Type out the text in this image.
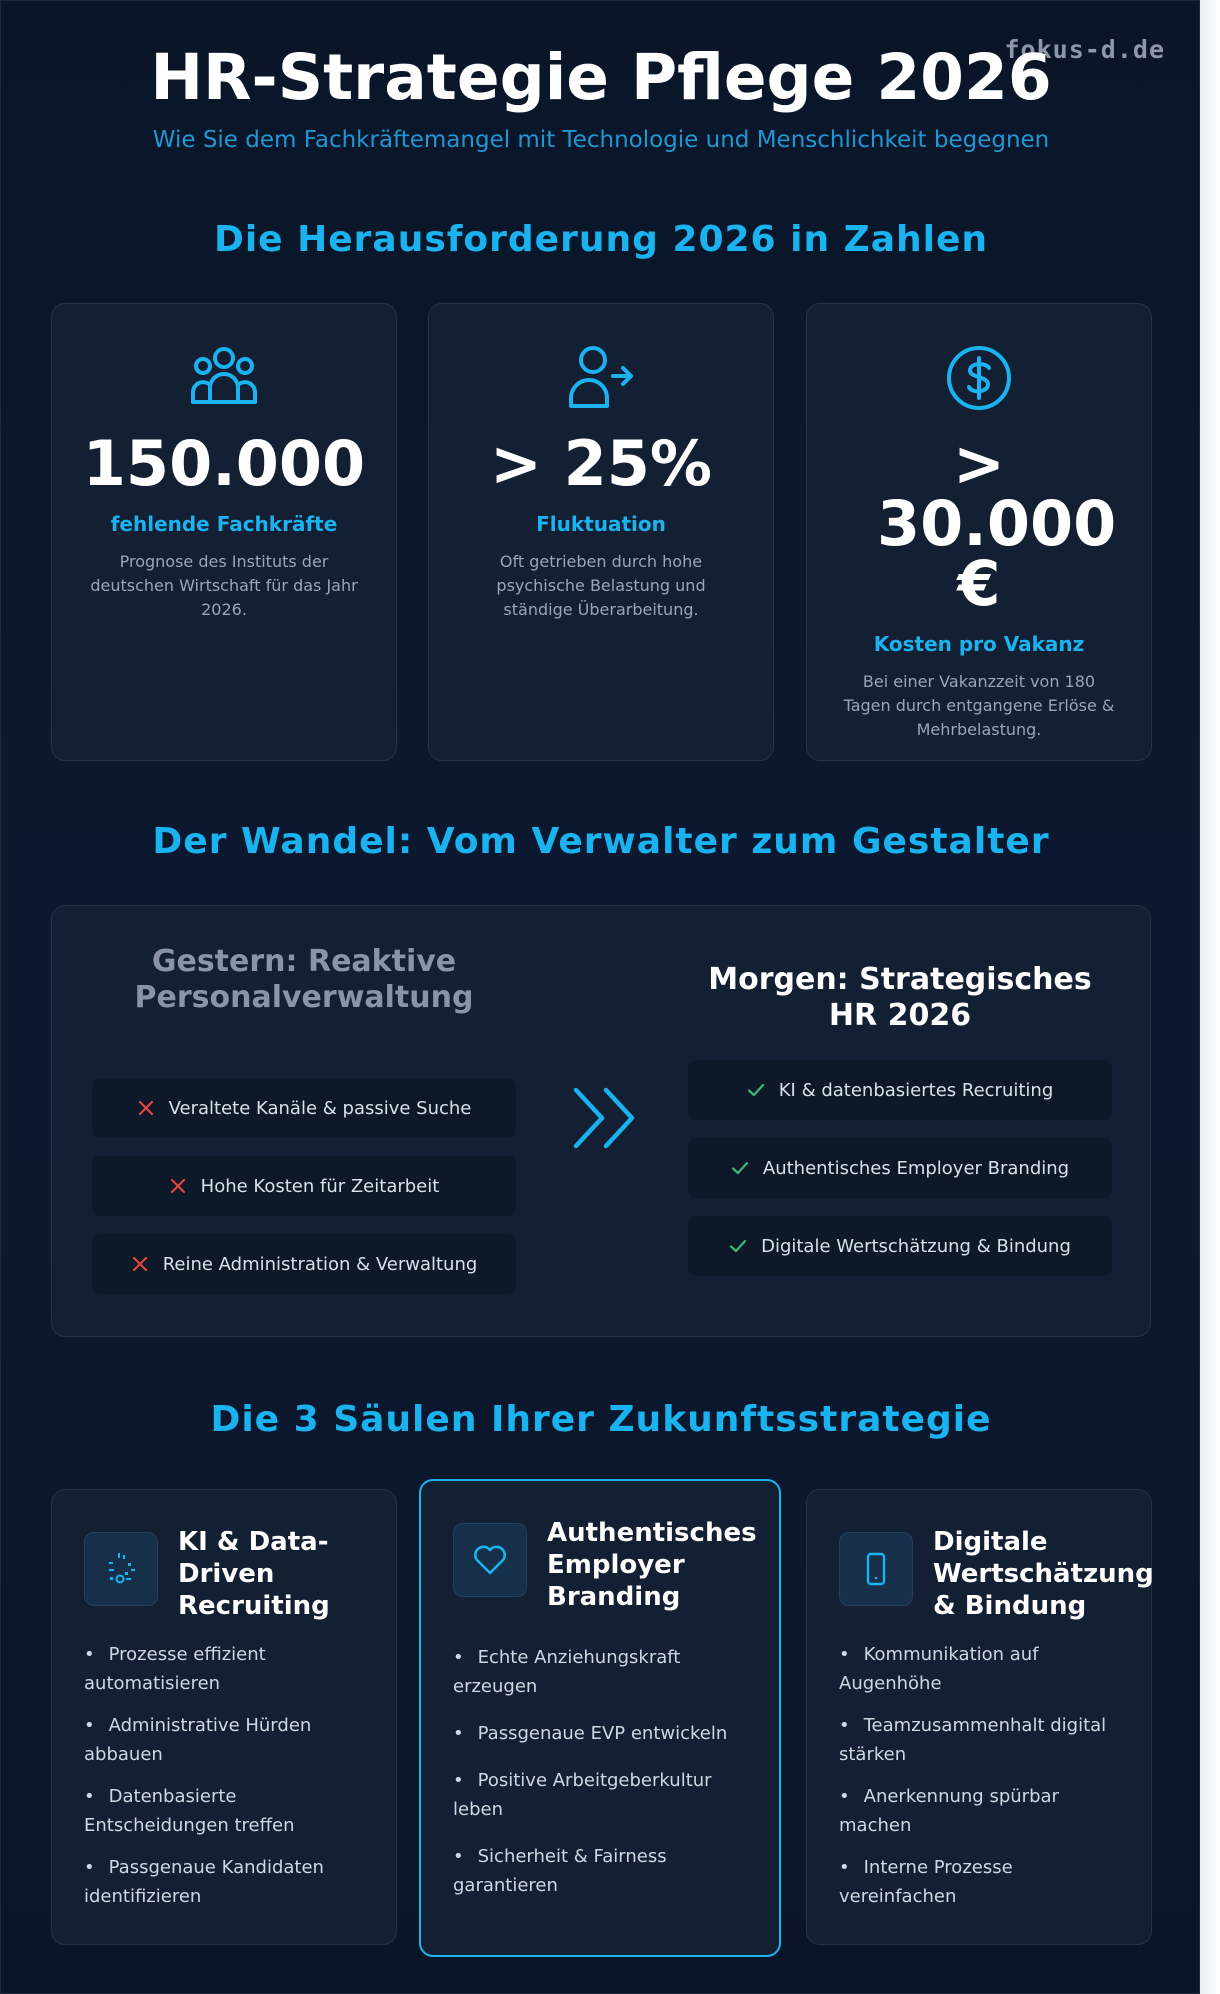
fokus-d.de
HR-Strategie Pflege 2026

Wie Sie dem Fachkräftemangel mit Technologie und Menschlichkeit begegnen

Die Herausforderung 2026 in Zahlen
150.000
fehlende Fachkräfte
Prognose des Instituts der deutschen Wirtschaft für das Jahr 2026.
> 25%
Fluktuation
Oft getrieben durch hohe psychische Belastung und ständige Überarbeitung.
> 30.000 €
Kosten pro Vakanz
Bei einer Vakanzzeit von 180 Tagen durch entgangene Erlöse & Mehrbelastung.
Der Wandel: Vom Verwalter zum Gestalter
Gestern: Reaktive Personalverwaltung
Morgen: Strategisches HR 2026
Veraltete Kanäle & passive Suche
Hohe Kosten für Zeitarbeit
Reine Administration & Verwaltung
KI & datenbasiertes Recruiting
Authentisches Employer Branding
Digitale Wertschätzung & Bindung
Die 3 Säulen Ihrer Zukunftsstrategie
KI & Data-Driven Recruiting
• Prozesse effizient automatisieren
• Administrative Hürden abbauen
• Datenbasierte Entscheidungen treffen
• Passgenaue Kandidaten identifizieren
Authentisches Employer Branding
• Echte Anziehungskraft erzeugen
• Passgenaue EVP entwickeln
• Positive Arbeitgeberkultur leben
• Sicherheit & Fairness garantieren
Digitale Wertschätzung & Bindung
• Kommunikation auf Augenhöhe
• Teamzusammenhalt digital stärken
• Anerkennung spürbar machen
• Interne Prozesse vereinfachen
